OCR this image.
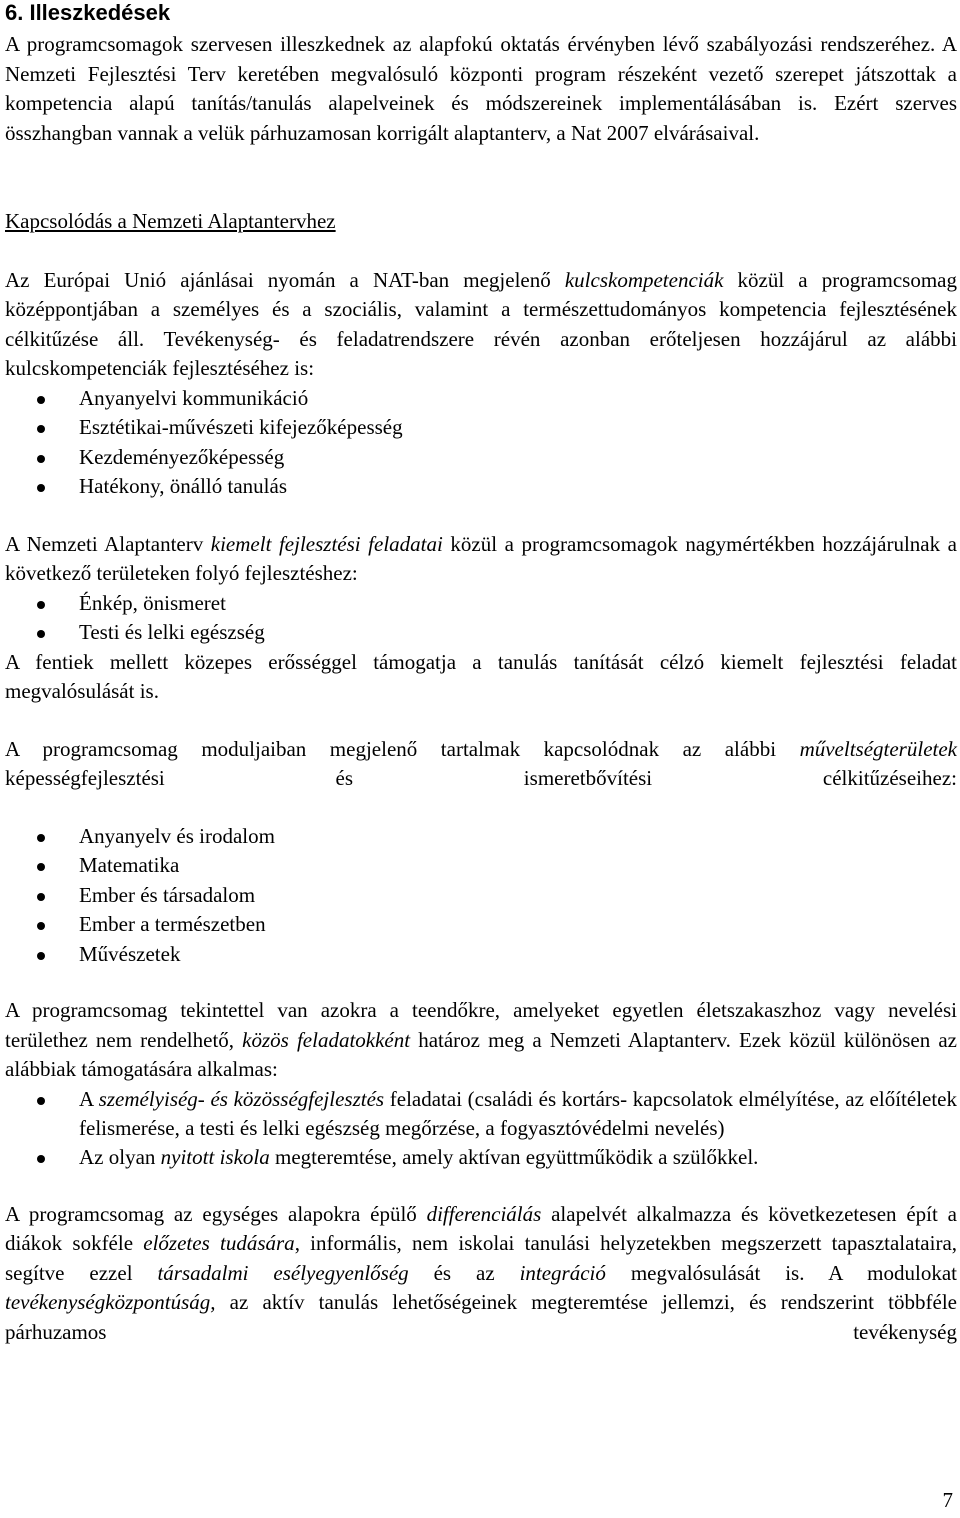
6. Illeszkedések

A programcsomagok szervesen illeszkednek az alapfokú oktatás érvényben lévő szabályozási rendszeréhez. A Nemzeti Fejlesztési Terv keretében megvalósuló központi program részeként vezető szerepet játszottak a kompetencia alapú tanítás/tanulás alapelveinek és módszereinek implementálásában is. Ezért szerves összhangban vannak a velük párhuzamosan korrigált alaptanterv, a Nat 2007 elvárásaival.

Kapcsolódás a Nemzeti Alaptantervhez

Az Európai Unió ajánlásai nyomán a NAT-ban megjelenő kulcskompetenciák közül a programcsomag középpontjában a személyes és a szociális, valamint a természettudományos kompetencia fejlesztésének célkitűzése áll. Tevékenység- és feladatrendszere révén azonban erőteljesen hozzájárul az alábbi kulcskompetenciák fejlesztéséhez is:

Anyanyelvi kommunikáció
Esztétikai-művészeti kifejezőképesség
Kezdeményezőképesség
Hatékony, önálló tanulás

A Nemzeti Alaptanterv kiemelt fejlesztési feladatai közül a programcsomagok nagymértékben hozzájárulnak a következő területeken folyó fejlesztéshez:

Énkép, önismeret
Testi és lelki egészség

A fentiek mellett közepes erősséggel támogatja a tanulás tanítását célzó kiemelt fejlesztési feladat megvalósulását is.

A programcsomag moduljaiban megjelenő tartalmak kapcsolódnak az alábbi műveltségterületek képességfejlesztési és ismeretbővítési célkitűzéseihez:

Anyanyelv és irodalom
Matematika
Ember és társadalom
Ember a természetben
Művészetek

A programcsomag tekintettel van azokra a teendőkre, amelyeket egyetlen életszakaszhoz vagy nevelési területhez nem rendelhető, közös feladatokként határoz meg a Nemzeti Alaptanterv. Ezek közül különösen az alábbiak támogatására alkalmas:

A személyiség- és közösségfejlesztés feladatai (családi és kortárs- kapcsolatok elmélyítése, az előítéletek felismerése, a testi és lelki egészség megőrzése, a fogyasztóvédelmi nevelés)
Az olyan nyitott iskola megteremtése, amely aktívan együttműködik a szülőkkel.

A programcsomag az egységes alapokra épülő differenciálás alapelvét alkalmazza és következetesen épít a diákok sokféle előzetes tudására, informális, nem iskolai tanulási helyzetekben megszerzett tapasztalataira, segítve ezzel társadalmi esélyegyenlőség és az integráció megvalósulását is. A modulokat tevékenységközpontúság, az aktív tanulás lehetőségeinek megteremtése jellemzi, és rendszerint többféle párhuzamos tevékenység

7
